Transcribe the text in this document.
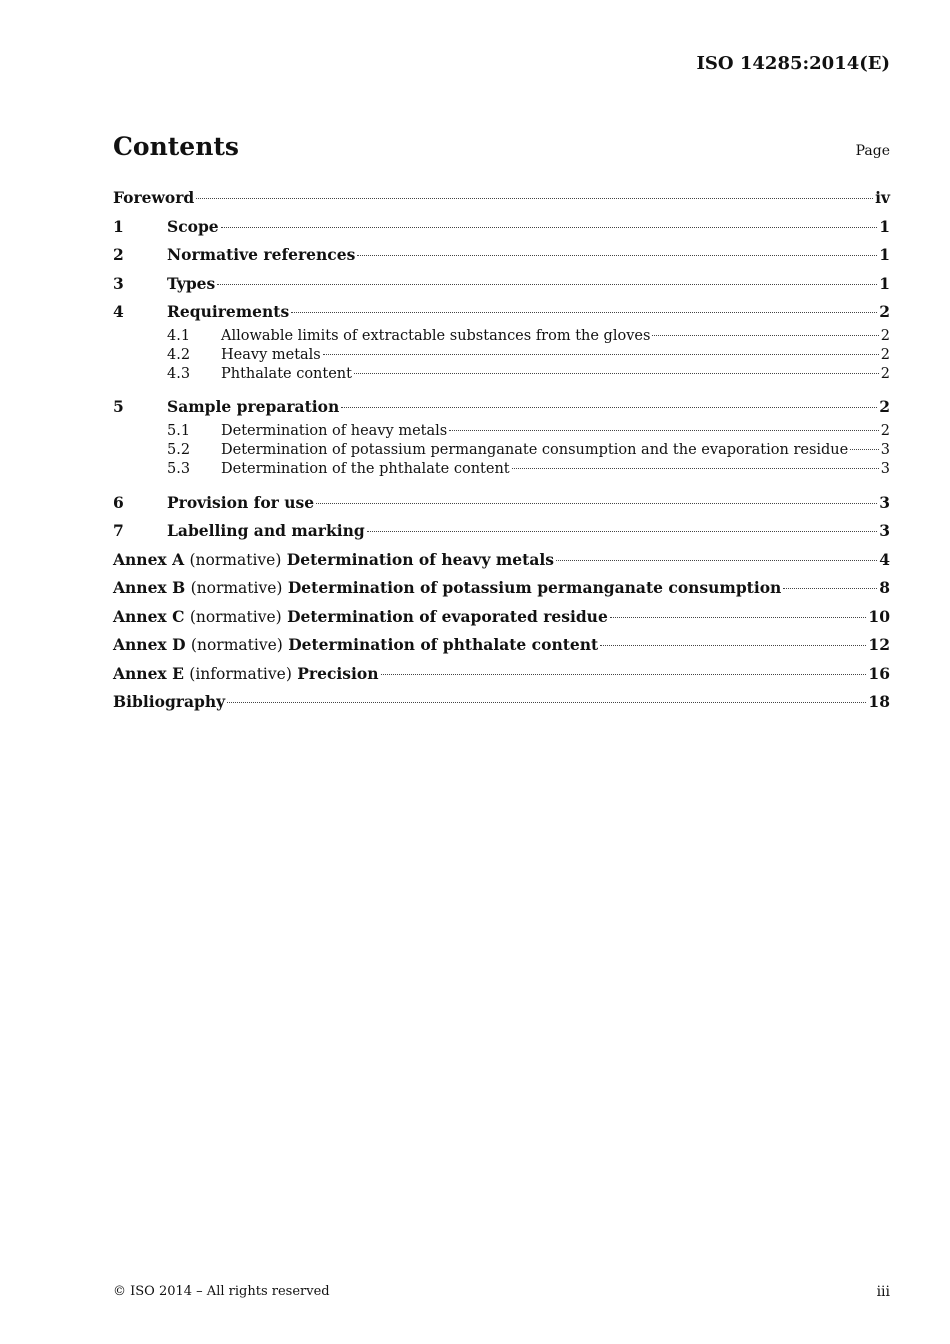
ISO 14285:2014(E)
Contents	Page
Foreword	iv
1	Scope	1
2	Normative references	1
3	Types	1
4	Requirements	2
4.1	Allowable limits of extractable substances from the gloves	2
4.2	Heavy metals	2
4.3	Phthalate content	2
5	Sample preparation	2
5.1	Determination of heavy metals	2
5.2	Determination of potassium permanganate consumption and the evaporation residue 3
5.3	Determination of the phthalate content	3
6	Provision for use	3
7	Labelling and marking	3
Annex A (normative) Determination of heavy metals	4
Annex B (normative) Determination of potassium permanganate consumption	8
Annex C (normative) Determination of evaporated residue	10
Annex D (normative) Determination of phthalate content	12
Annex E (informative) Precision	16
Bibliography	18
© ISO 2014 – All rights reserved	iii
